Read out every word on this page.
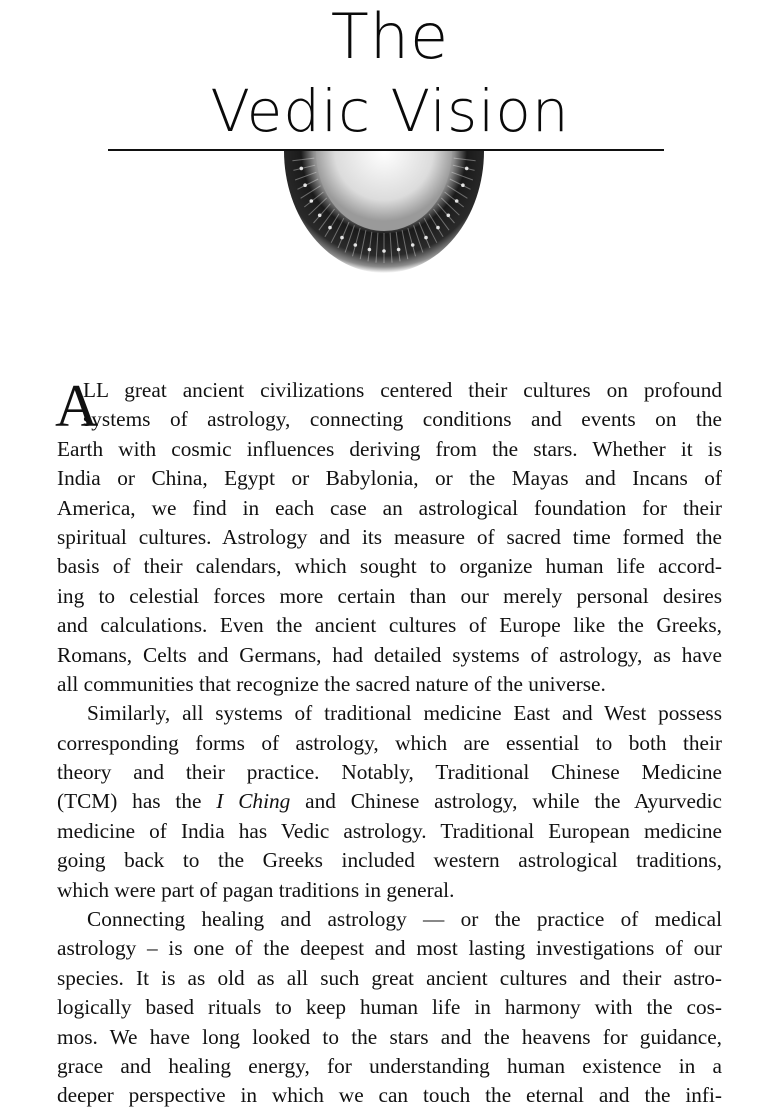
The
Vedic Vision
A
LL great ancient civilizations centered their cultures on profound
systems of astrology, connecting conditions and events on the
Earth with cosmic influences deriving from the stars. Whether it is
India or China, Egypt or Babylonia, or the Mayas and Incans of
America, we find in each case an astrological foundation for their
spiritual cultures. Astrology and its measure of sacred time formed the
basis of their calendars, which sought to organize human life accord-
ing to celestial forces more certain than our merely personal desires
and calculations. Even the ancient cultures of Europe like the Greeks,
Romans, Celts and Germans, had detailed systems of astrology, as have
all communities that recognize the sacred nature of the universe.
Similarly, all systems of traditional medicine East and West possess
corresponding forms of astrology, which are essential to both their
theory and their practice. Notably, Traditional Chinese Medicine
(TCM) has the I Ching and Chinese astrology, while the Ayurvedic
medicine of India has Vedic astrology. Traditional European medicine
going back to the Greeks included western astrological traditions,
which were part of pagan traditions in general.
Connecting healing and astrology — or the practice of medical
astrology – is one of the deepest and most lasting investigations of our
species. It is as old as all such great ancient cultures and their astro-
logically based rituals to keep human life in harmony with the cos-
mos. We have long looked to the stars and the heavens for guidance,
grace and healing energy, for understanding human existence in a
deeper perspective in which we can touch the eternal and the infi-
